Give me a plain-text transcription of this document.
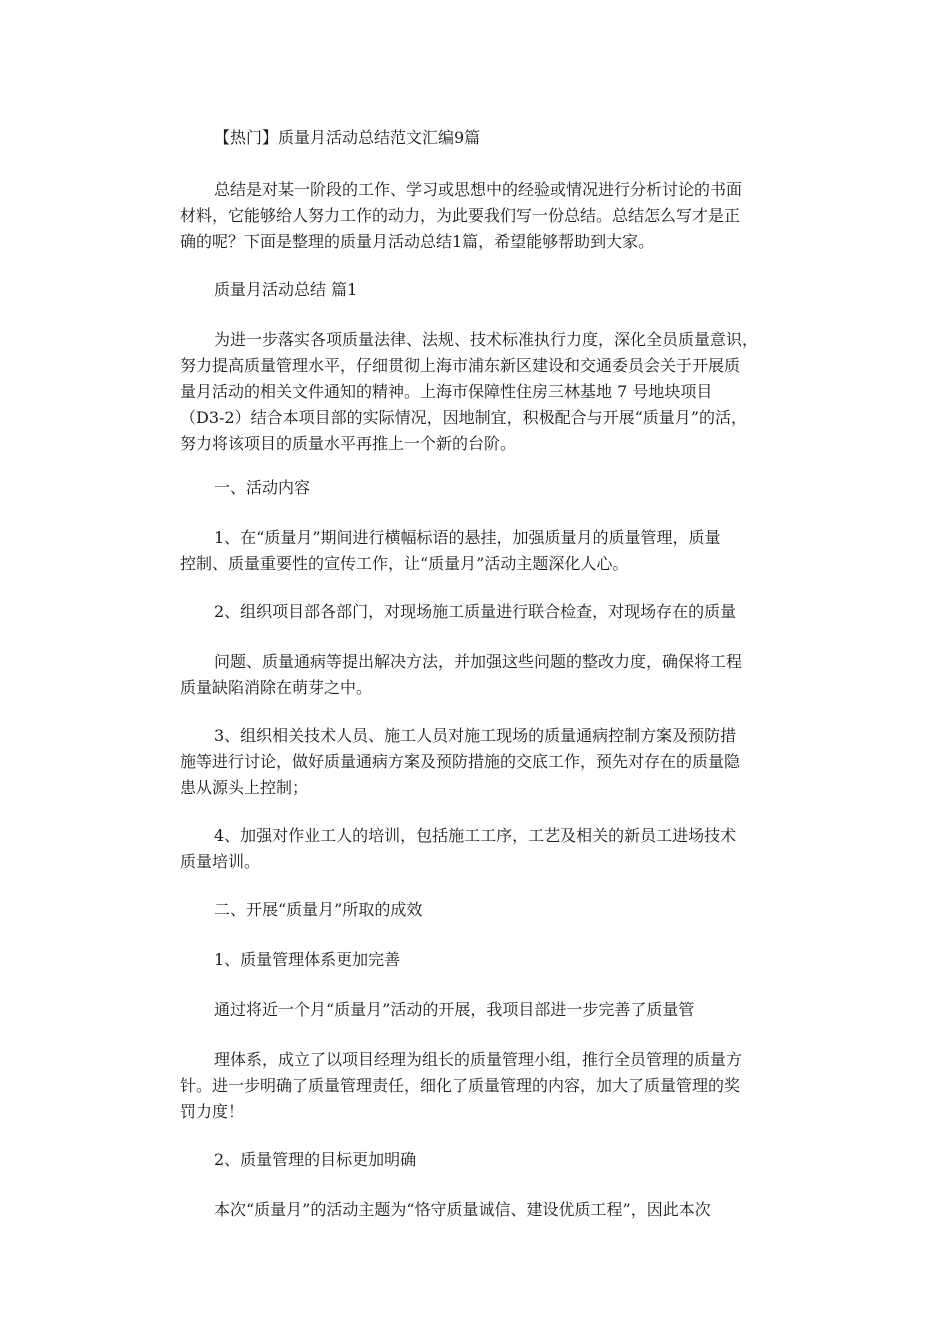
【热门】质量月活动总结范文汇编9篇
总结是对某一阶段的工作、学习或思想中的经验或情况进行分析讨论的书面
材料，它能够给人努力工作的动力，为此要我们写一份总结。总结怎么写才是正
确的呢？下面是整理的质量月活动总结1篇，希望能够帮助到大家。
质量月活动总结 篇1
为进一步落实各项质量法律、法规、技术标准执行力度，深化全员质量意识，
努力提高质量管理水平，仔细贯彻上海市浦东新区建设和交通委员会关于开展质
量月活动的相关文件通知的精神。上海市保障性住房三林基地 7 号地块项目
（D3-2）结合本项目部的实际情况，因地制宜，积极配合与开展“质量月”的活，
努力将该项目的质量水平再推上一个新的台阶。
一、活动内容
1、在“质量月”期间进行横幅标语的悬挂，加强质量月的质量管理，质量
控制、质量重要性的宣传工作，让“质量月”活动主题深化人心。
2、组织项目部各部门，对现场施工质量进行联合检查，对现场存在的质量
问题、质量通病等提出解决方法，并加强这些问题的整改力度，确保将工程
质量缺陷消除在萌芽之中。
3、组织相关技术人员、施工人员对施工现场的质量通病控制方案及预防措
施等进行讨论，做好质量通病方案及预防措施的交底工作，预先对存在的质量隐
患从源头上控制；
4、加强对作业工人的培训，包括施工工序，工艺及相关的新员工进场技术
质量培训。
二、开展“质量月”所取的成效
1、质量管理体系更加完善
通过将近一个月“质量月”活动的开展，我项目部进一步完善了质量管
理体系，成立了以项目经理为组长的质量管理小组，推行全员管理的质量方
针。进一步明确了质量管理责任，细化了质量管理的内容，加大了质量管理的奖
罚力度！
2、质量管理的目标更加明确
本次“质量月”的活动主题为“恪守质量诚信、建设优质工程”，因此本次
